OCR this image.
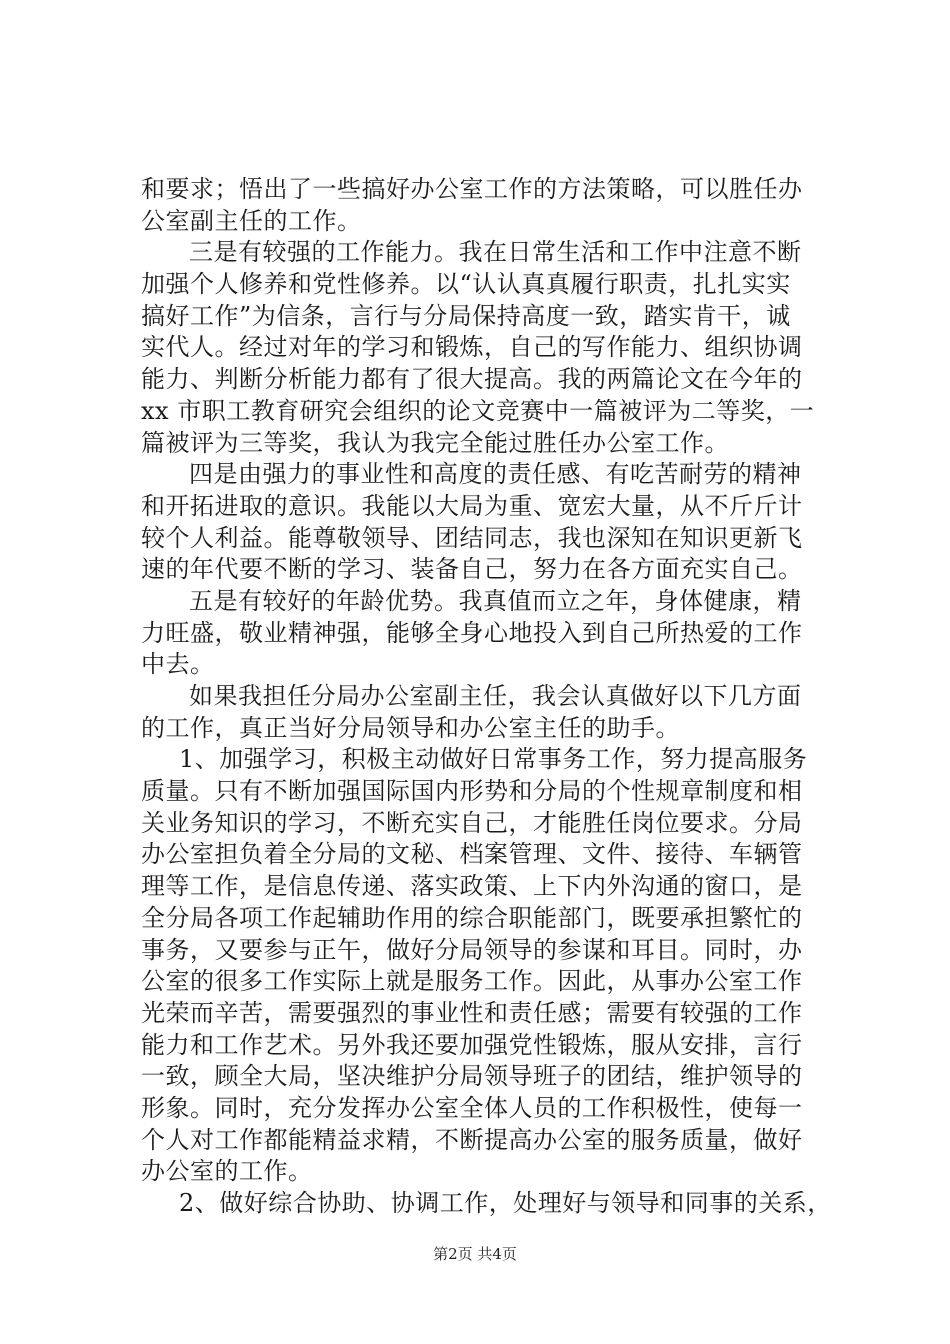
和要求；悟出了一些搞好办公室工作的方法策略，可以胜任办
公室副主任的工作。
三是有较强的工作能力。我在日常生活和工作中注意不断
加强个人修养和党性修养。以“认认真真履行职责，扎扎实实
搞好工作”为信条，言行与分局保持高度一致，踏实肯干，诚
实代人。经过对年的学习和锻炼，自己的写作能力、组织协调
能力、判断分析能力都有了很大提高。我的两篇论文在今年的
xx 市职工教育研究会组织的论文竞赛中一篇被评为二等奖，一
篇被评为三等奖，我认为我完全能过胜任办公室工作。
四是由强力的事业性和高度的责任感、有吃苦耐劳的精神
和开拓进取的意识。我能以大局为重、宽宏大量，从不斤斤计
较个人利益。能尊敬领导、团结同志，我也深知在知识更新飞
速的年代要不断的学习、装备自己，努力在各方面充实自己。
五是有较好的年龄优势。我真值而立之年，身体健康，精
力旺盛，敬业精神强，能够全身心地投入到自己所热爱的工作
中去。
如果我担任分局办公室副主任，我会认真做好以下几方面
的工作，真正当好分局领导和办公室主任的助手。
1、加强学习，积极主动做好日常事务工作，努力提高服务
质量。只有不断加强国际国内形势和分局的个性规章制度和相
关业务知识的学习，不断充实自己，才能胜任岗位要求。分局
办公室担负着全分局的文秘、档案管理、文件、接待、车辆管
理等工作，是信息传递、落实政策、上下内外沟通的窗口，是
全分局各项工作起辅助作用的综合职能部门，既要承担繁忙的
事务，又要参与正午，做好分局领导的参谋和耳目。同时，办
公室的很多工作实际上就是服务工作。因此，从事办公室工作
光荣而辛苦，需要强烈的事业性和责任感；需要有较强的工作
能力和工作艺术。另外我还要加强党性锻炼，服从安排，言行
一致，顾全大局，坚决维护分局领导班子的团结，维护领导的
形象。同时，充分发挥办公室全体人员的工作积极性，使每一
个人对工作都能精益求精，不断提高办公室的服务质量，做好
办公室的工作。
2、做好综合协助、协调工作，处理好与领导和同事的关系，
第2页 共4页
